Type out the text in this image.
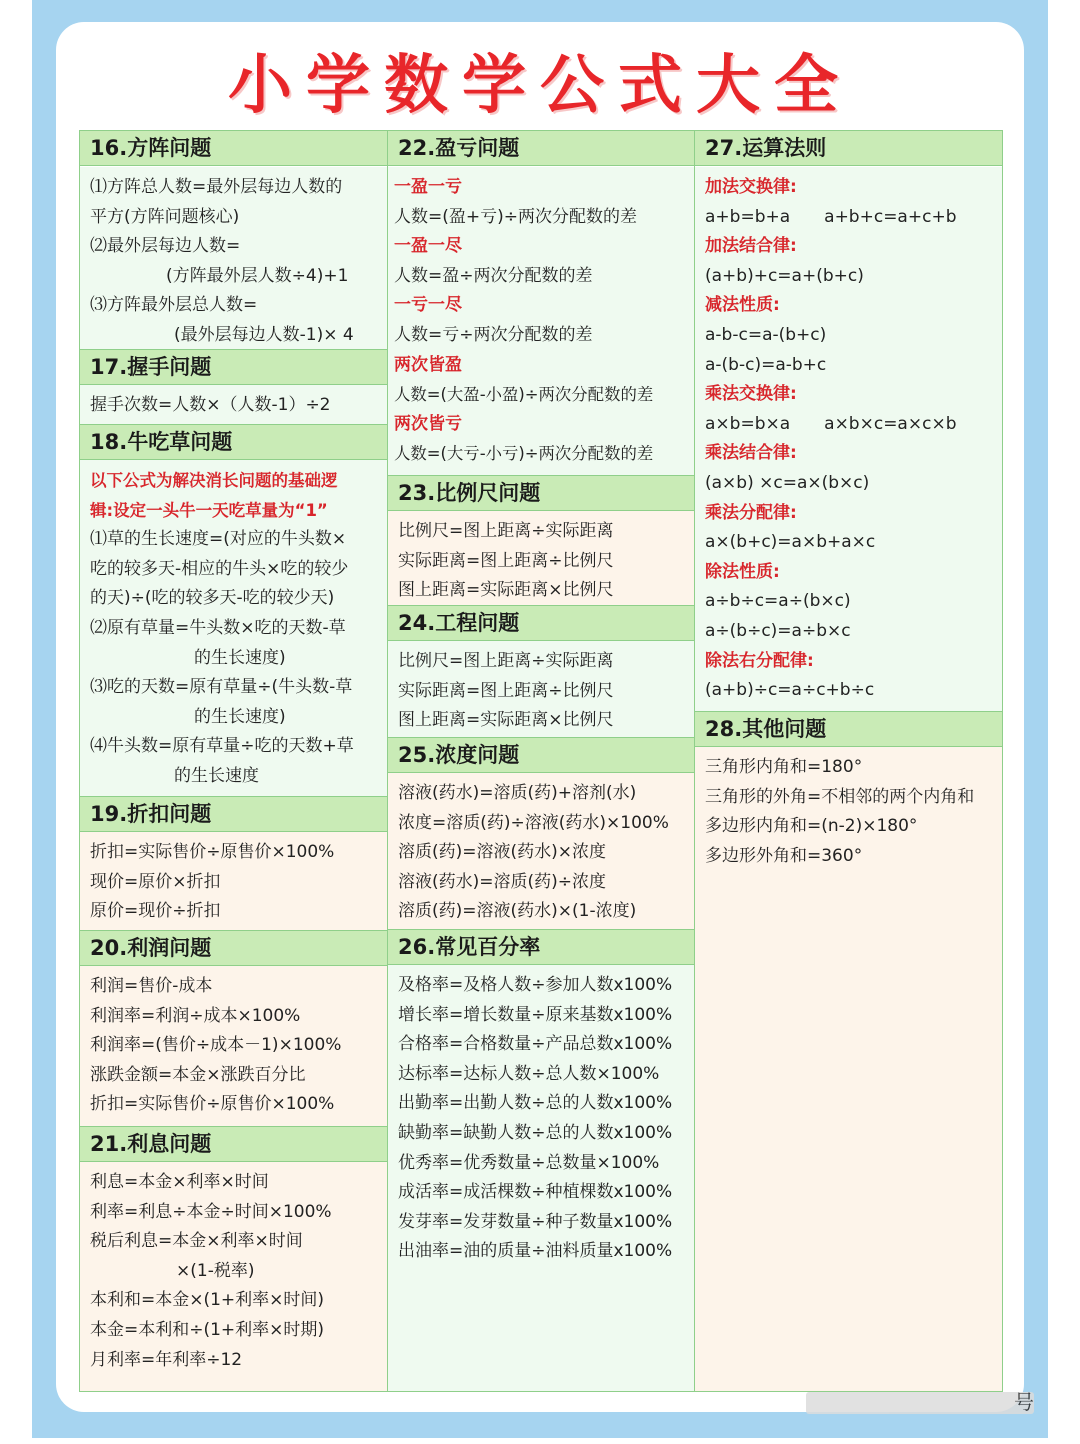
小学数学公式大全
16.方阵问题
⑴方阵总人数=最外层每边人数的
平方(方阵问题核心)
⑵最外层每边人数=
(方阵最外层人数÷4)+1
⑶方阵最外层总人数=
(最外层每边人数-1)× 4
17.握手问题
握手次数=人数×（人数-1）÷2
18.牛吃草问题
以下公式为解决消长问题的基础逻
辑:设定一头牛一天吃草量为“1”
⑴草的生长速度=(对应的牛头数×
吃的较多天-相应的牛头×吃的较少
的天)÷(吃的较多天-吃的较少天)
⑵原有草量=牛头数×吃的天数-草
的生长速度)
⑶吃的天数=原有草量÷(牛头数-草
的生长速度)
⑷牛头数=原有草量÷吃的天数+草
的生长速度
19.折扣问题
折扣=实际售价÷原售价×100%
现价=原价×折扣
原价=现价÷折扣
20.利润问题
利润=售价-成本
利润率=利润÷成本×100%
利润率=(售价÷成本－1)×100%
涨跌金额=本金×涨跌百分比
折扣=实际售价÷原售价×100%
21.利息问题
利息=本金×利率×时间
利率=利息÷本金÷时间×100%
税后利息=本金×利率×时间
×(1-税率)
本利和=本金×(1+利率×时间)
本金=本利和÷(1+利率×时期)
月利率=年利率÷12
22.盈亏问题
一盈一亏
人数=(盈+亏)÷两次分配数的差
一盈一尽
人数=盈÷两次分配数的差
一亏一尽
人数=亏÷两次分配数的差
两次皆盈
人数=(大盈-小盈)÷两次分配数的差
两次皆亏
人数=(大亏-小亏)÷两次分配数的差
23.比例尺问题
比例尺=图上距离÷实际距离
实际距离=图上距离÷比例尺
图上距离=实际距离×比例尺
24.工程问题
比例尺=图上距离÷实际距离
实际距离=图上距离÷比例尺
图上距离=实际距离×比例尺
25.浓度问题
溶液(药水)=溶质(药)+溶剂(水)
浓度=溶质(药)÷溶液(药水)×100%
溶质(药)=溶液(药水)×浓度
溶液(药水)=溶质(药)÷浓度
溶质(药)=溶液(药水)×(1-浓度)
26.常见百分率
及格率=及格人数÷参加人数x100%
增长率=增长数量÷原来基数x100%
合格率=合格数量÷产品总数x100%
达标率=达标人数÷总人数×100%
出勤率=出勤人数÷总的人数x100%
缺勤率=缺勤人数÷总的人数x100%
优秀率=优秀数量÷总数量×100%
成活率=成活棵数÷种植棵数x100%
发芽率=发芽数量÷种子数量x100%
出油率=油的质量÷油料质量x100%
27.运算法则
加法交换律:
a+b=b+a　　a+b+c=a+c+b
加法结合律:
(a+b)+c=a+(b+c)
减法性质:
a-b-c=a-(b+c)
a-(b-c)=a-b+c
乘法交换律:
a×b=b×a　　a×b×c=a×c×b
乘法结合律:
(a×b) ×c=a×(b×c)
乘法分配律:
a×(b+c)=a×b+a×c
除法性质:
a÷b÷c=a÷(b×c)
a÷(b÷c)=a÷b×c
除法右分配律:
(a+b)÷c=a÷c+b÷c
28.其他问题
三角形内角和=180°
三角形的外角=不相邻的两个内角和
多边形内角和=(n-2)×180°
多边形外角和=360°
号
